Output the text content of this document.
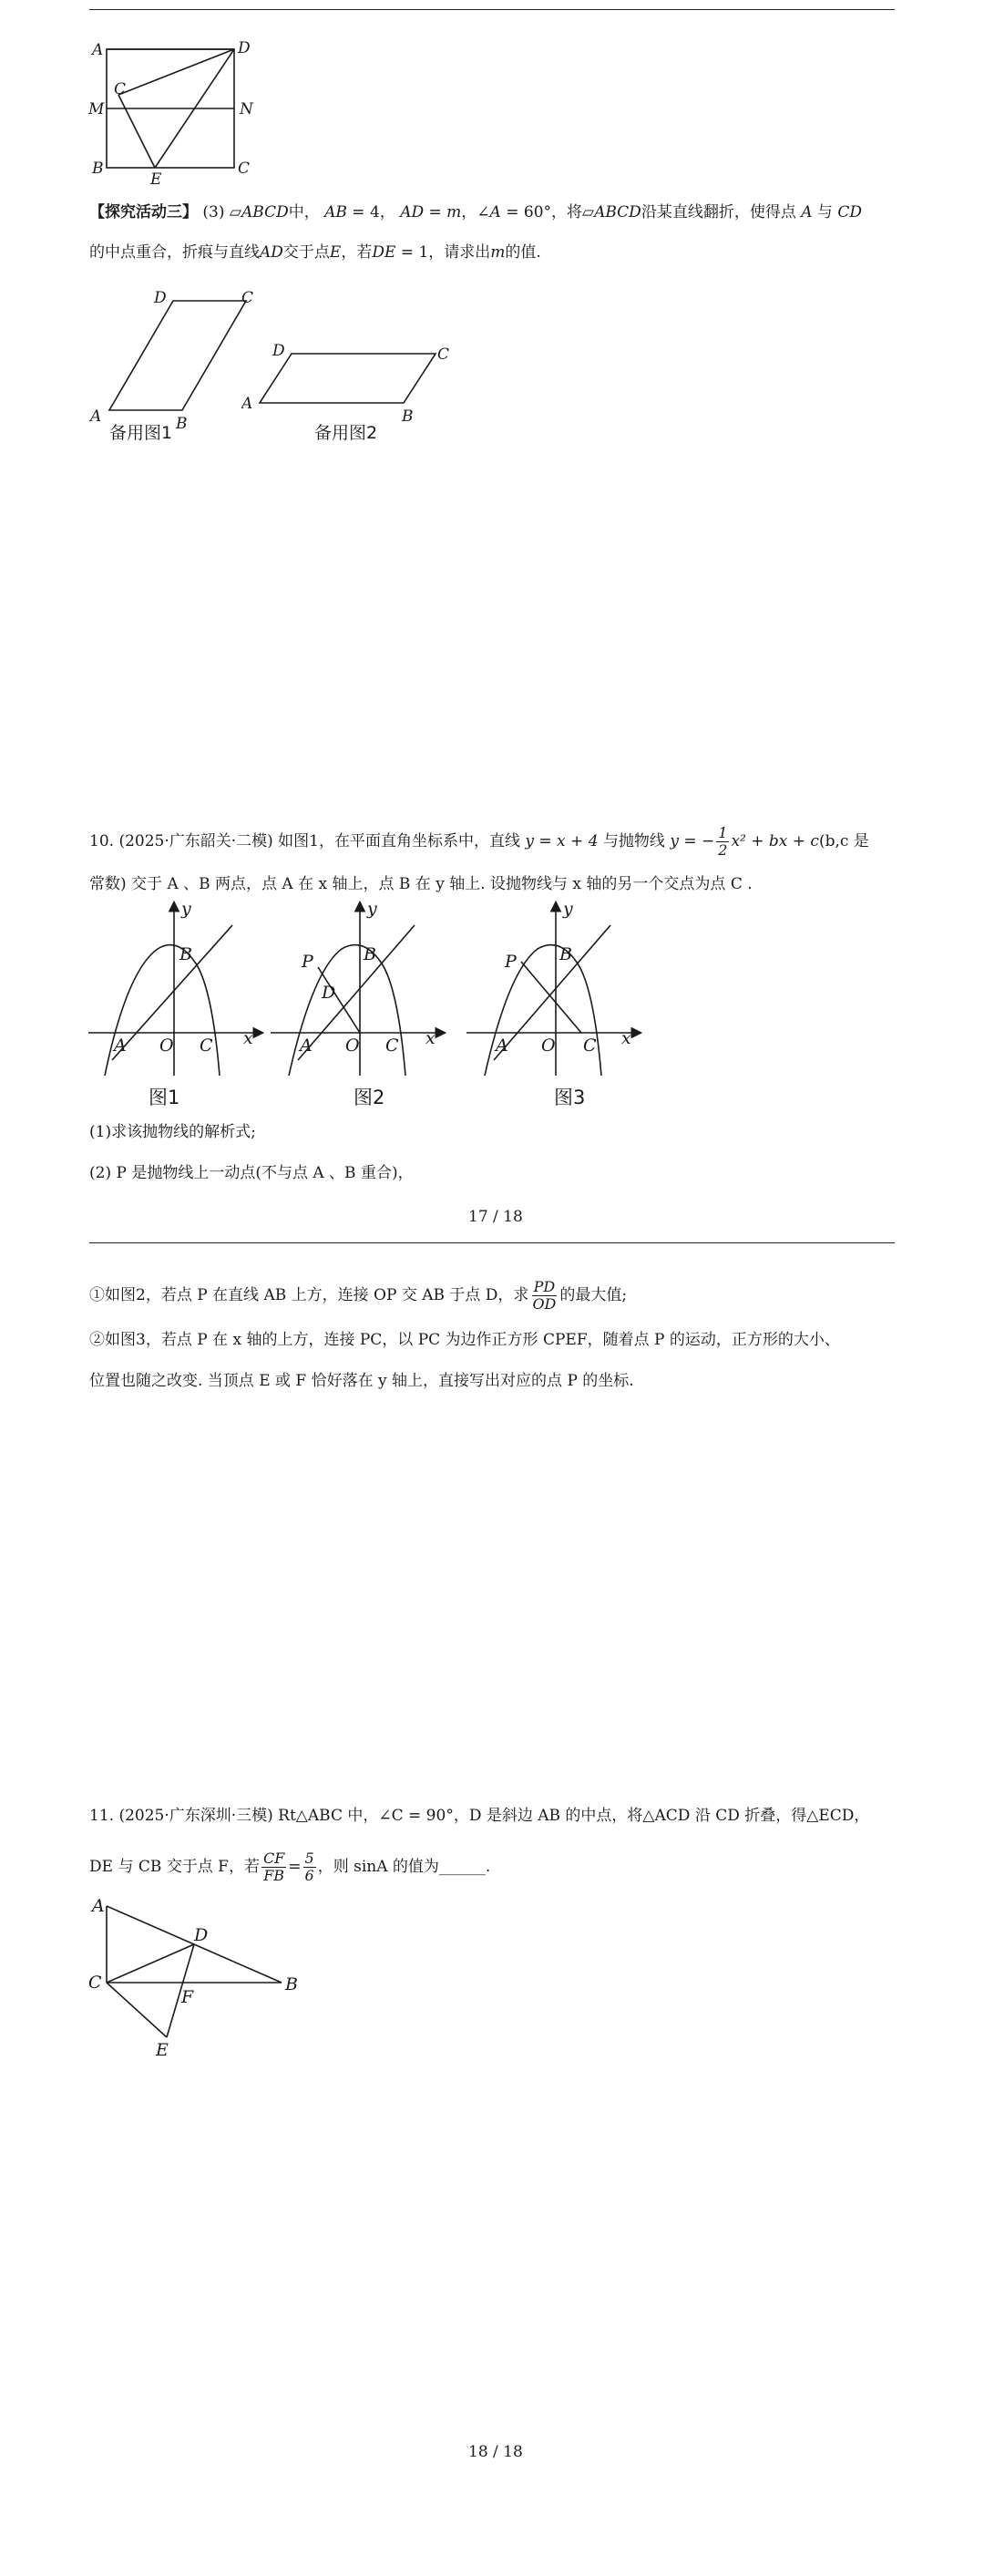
A	D
C
M	N
B
E
C
【探究活动三】 (3) ▱ABCD中， AB = 4， AD = m，∠A = 60°，将▱ABCD沿某直线翻折，使得点 A 与 CD
的中点重合，折痕与直线AD交于点E，若DE = 1，请求出m的值.
D	C
A	B
备用图1
D	C
A
B
备用图2
10. (2025·广东韶关·二模) 如图1，在平面直角坐标系中，直线 y = x + 4 与抛物线 y = − $\frac{1}{2} x^2$ + bx + c(b,c 是
常数) 交于 A 、B 两点，点 A 在 x 轴上，点 B 在 y 轴上. 设抛物线与 x 轴的另一个交点为点 C .
y
x
A O C
B
图1
y
x
A O C
B
P
D
图2
y
x
A O C
B
P
图3
(1)求该抛物线的解析式;
(2) P 是抛物线上一动点(不与点 A 、B 重合)，
17 / 18
①如图2，若点 P 在直线 AB 上方，连接 OP 交 AB 于点 D，求 $\frac{PD}{OD}$ 的最大值;
②如图3，若点 P 在 x 轴的上方，连接 PC，以 PC 为边作正方形 CPEF，随着点 P 的运动，正方形的大小、
位置也随之改变. 当顶点 E 或 F 恰好落在 y 轴上，直接写出对应的点 P 的坐标.
11. (2025·广东深圳·三模) Rt△ABC 中，∠C = 90°，D 是斜边 AB 的中点，将△ACD 沿 CD 折叠，得△ECD，
DE 与 CB 交于点 F，若 $\frac{CF}{FB} = \frac{5}{6}$ ，则 sinA 的值为______.
A
D
C	B
F
E
18 / 18
